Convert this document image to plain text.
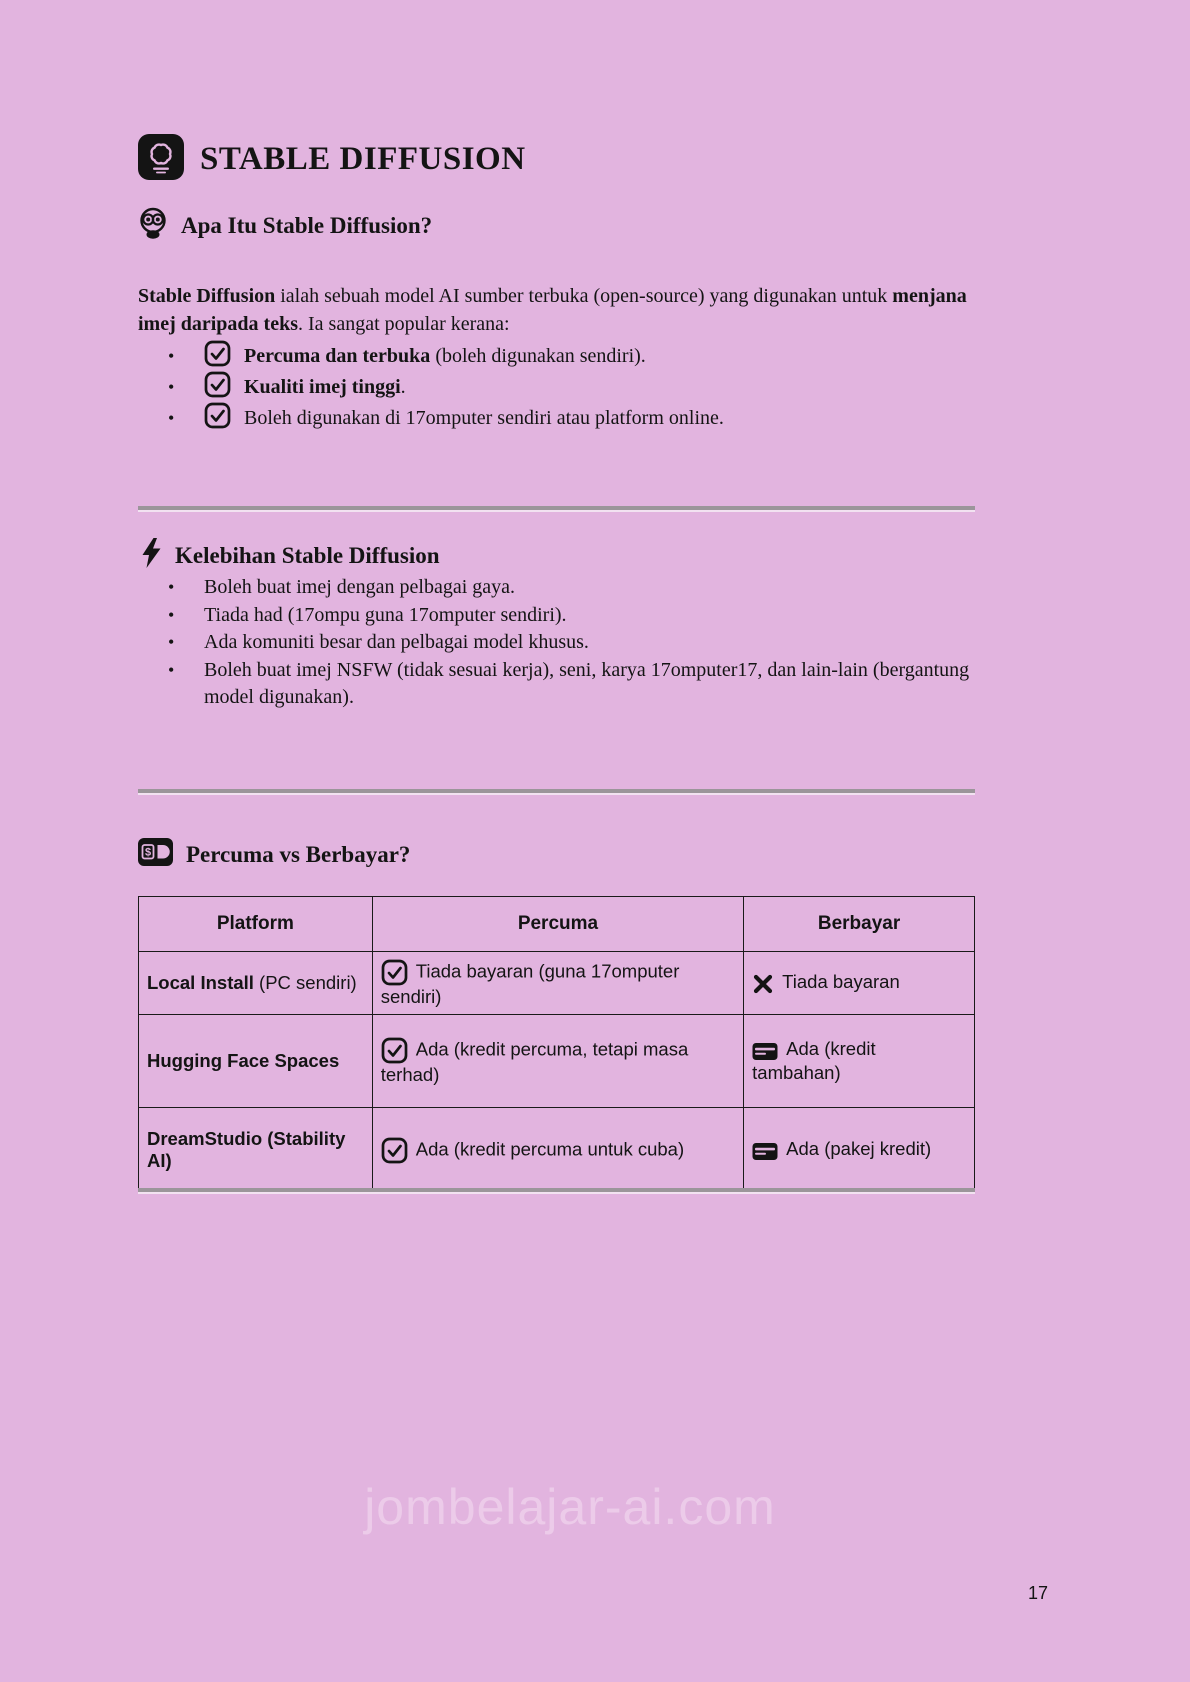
STABLE DIFFUSION
Apa Itu Stable Diffusion?

Stable Diffusion ialah sebuah model AI sumber terbuka (open-source) yang digunakan untuk menjana imej daripada teks. Ia sangat popular kerana:

•	Percuma dan terbuka (boleh digunakan sendiri).
•	Kualiti imej tinggi.
•	Boleh digunakan di 17omputer sendiri atau platform online.
Kelebihan Stable Diffusion
•	Boleh buat imej dengan pelbagai gaya.
•	Tiada had (17ompu guna 17omputer sendiri).
•	Ada komuniti besar dan pelbagai model khusus.
•	Boleh buat imej NSFW (tidak sesuai kerja), seni, karya 17omputer17, dan lain-lain (bergantung model digunakan).
$ Percuma vs Berbayar?
Platform	Percuma	Berbayar
Local Install (PC sendiri)	Tiada bayaran (guna 17omputer sendiri)	Tiada bayaran
Hugging Face Spaces	Ada (kredit percuma, tetapi masa terhad)	Ada (kredit tambahan)
DreamStudio (Stability AI)	Ada (kredit percuma untuk cuba)	Ada (pakej kredit)
jombelajar-ai.com
17
